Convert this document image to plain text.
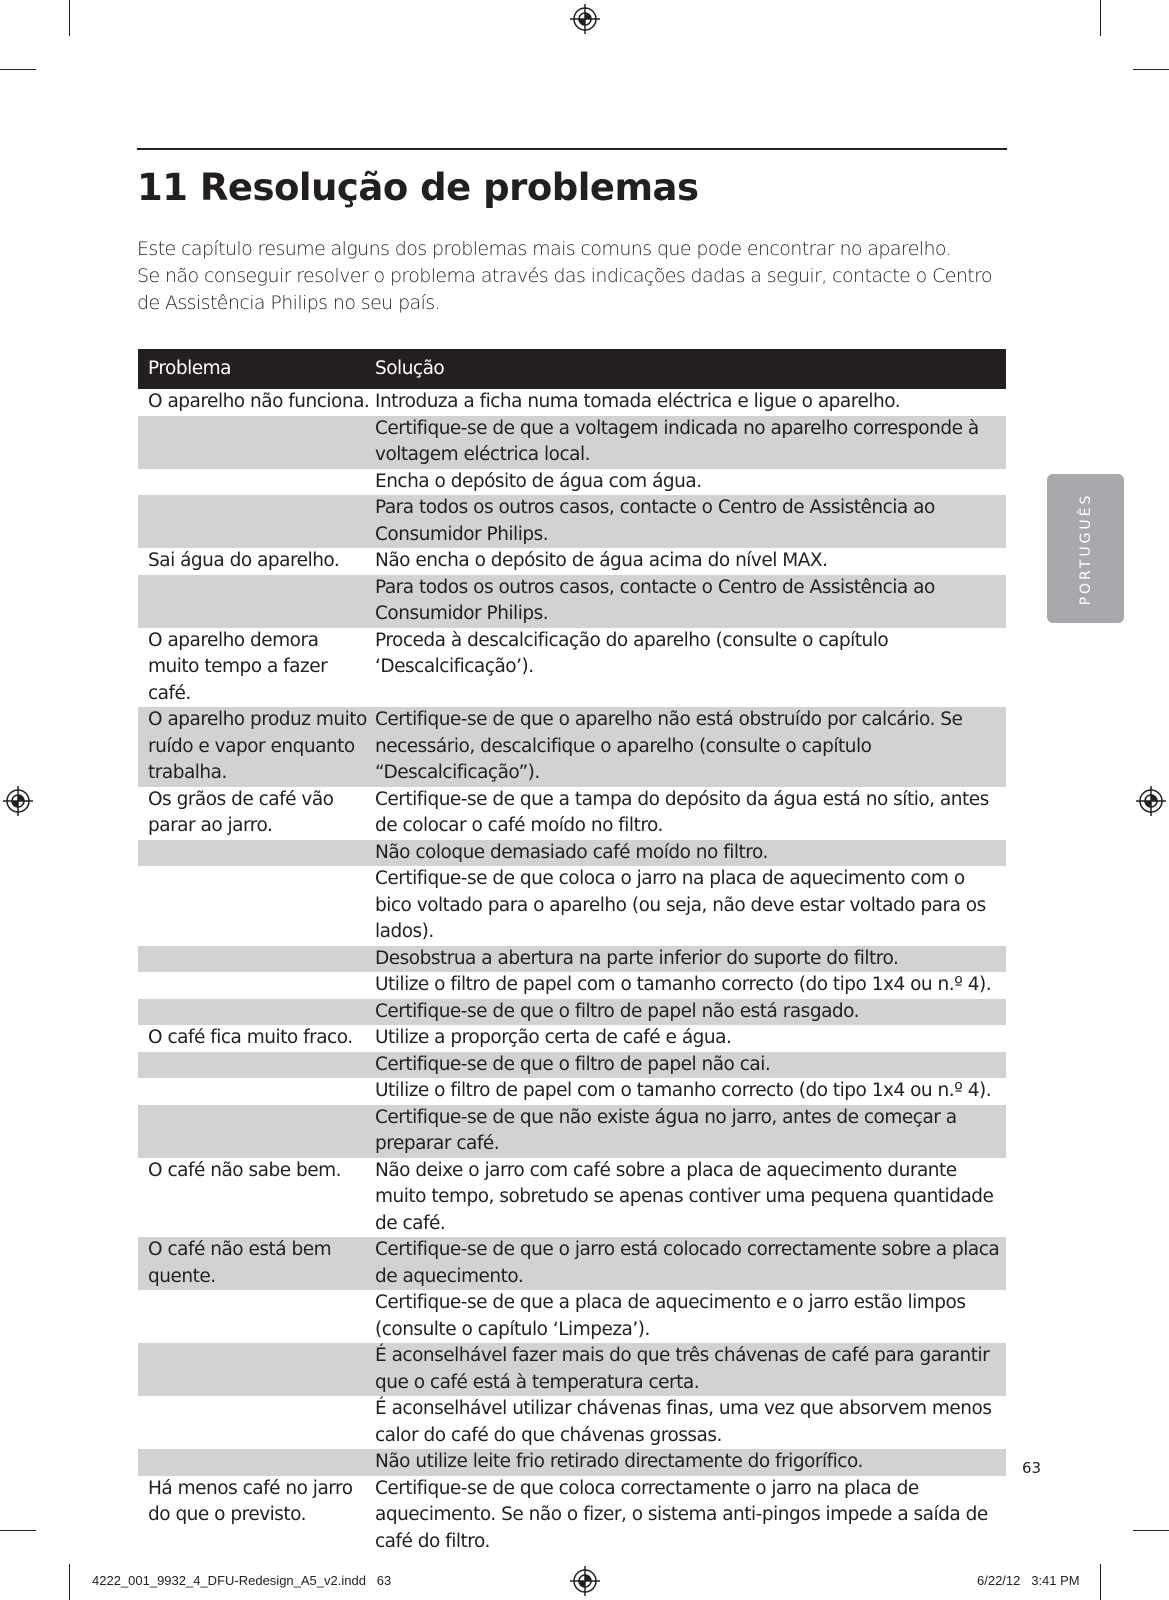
11 Resolução de problemas

Este capítulo resume alguns dos problemas mais comuns que pode encontrar no aparelho.

Se não conseguir resolver o problema através das indicações dadas a seguir, contacte o Centro de Assistência Philips no seu país.

PORTUGUÊS
Problema	Solução
O aparelho não funciona.	Introduza a ficha numa tomada eléctrica e ligue o aparelho.
	Certifique-se de que a voltagem indicada no aparelho corresponde à voltagem eléctrica local.
	Encha o depósito de água com água.
	Para todos os outros casos, contacte o Centro de Assistência ao Consumidor Philips.
Sai água do aparelho.	Não encha o depósito de água acima do nível MAX.
	Para todos os outros casos, contacte o Centro de Assistência ao Consumidor Philips.
O aparelho demora muito tempo a fazer café.	Proceda à descalcificação do aparelho (consulte o capítulo ‘Descalcificação’).
O aparelho produz muito ruído e vapor enquanto trabalha.	Certifique-se de que o aparelho não está obstruído por calcário. Se necessário, descalcifique o aparelho (consulte o capítulo “Descalcificação”).
Os grãos de café vão parar ao jarro.	Certifique-se de que a tampa do depósito da água está no sítio, antes de colocar o café moído no filtro.
	Não coloque demasiado café moído no filtro.
	Certifique-se de que coloca o jarro na placa de aquecimento com o bico voltado para o aparelho (ou seja, não deve estar voltado para os lados).
	Desobstrua a abertura na parte inferior do suporte do filtro.
	Utilize o filtro de papel com o tamanho correcto (do tipo 1x4 ou n.º 4).
	Certifique-se de que o filtro de papel não está rasgado.
O café fica muito fraco.	Utilize a proporção certa de café e água.
	Certifique-se de que o filtro de papel não cai.
	Utilize o filtro de papel com o tamanho correcto (do tipo 1x4 ou n.º 4).
	Certifique-se de que não existe água no jarro, antes de começar a preparar café.
O café não sabe bem.	Não deixe o jarro com café sobre a placa de aquecimento durante muito tempo, sobretudo se apenas contiver uma pequena quantidade de café.
O café não está bem quente.	Certifique-se de que o jarro está colocado correctamente sobre a placa de aquecimento.
	Certifique-se de que a placa de aquecimento e o jarro estão limpos (consulte o capítulo ‘Limpeza’).
	É aconselhável fazer mais do que três chávenas de café para garantir que o café está à temperatura certa.
	É aconselhável utilizar chávenas finas, uma vez que absorvem menos calor do café do que chávenas grossas.
	Não utilize leite frio retirado directamente do frigorífico.
Há menos café no jarro do que o previsto.	Certifique-se de que coloca correctamente o jarro na placa de aquecimento. Se não o fizer, o sistema anti-pingos impede a saída de café do filtro.
63
4222_001_9932_4_DFU-Redesign_A5_v2.indd   63	6/22/12   3:41 PM
